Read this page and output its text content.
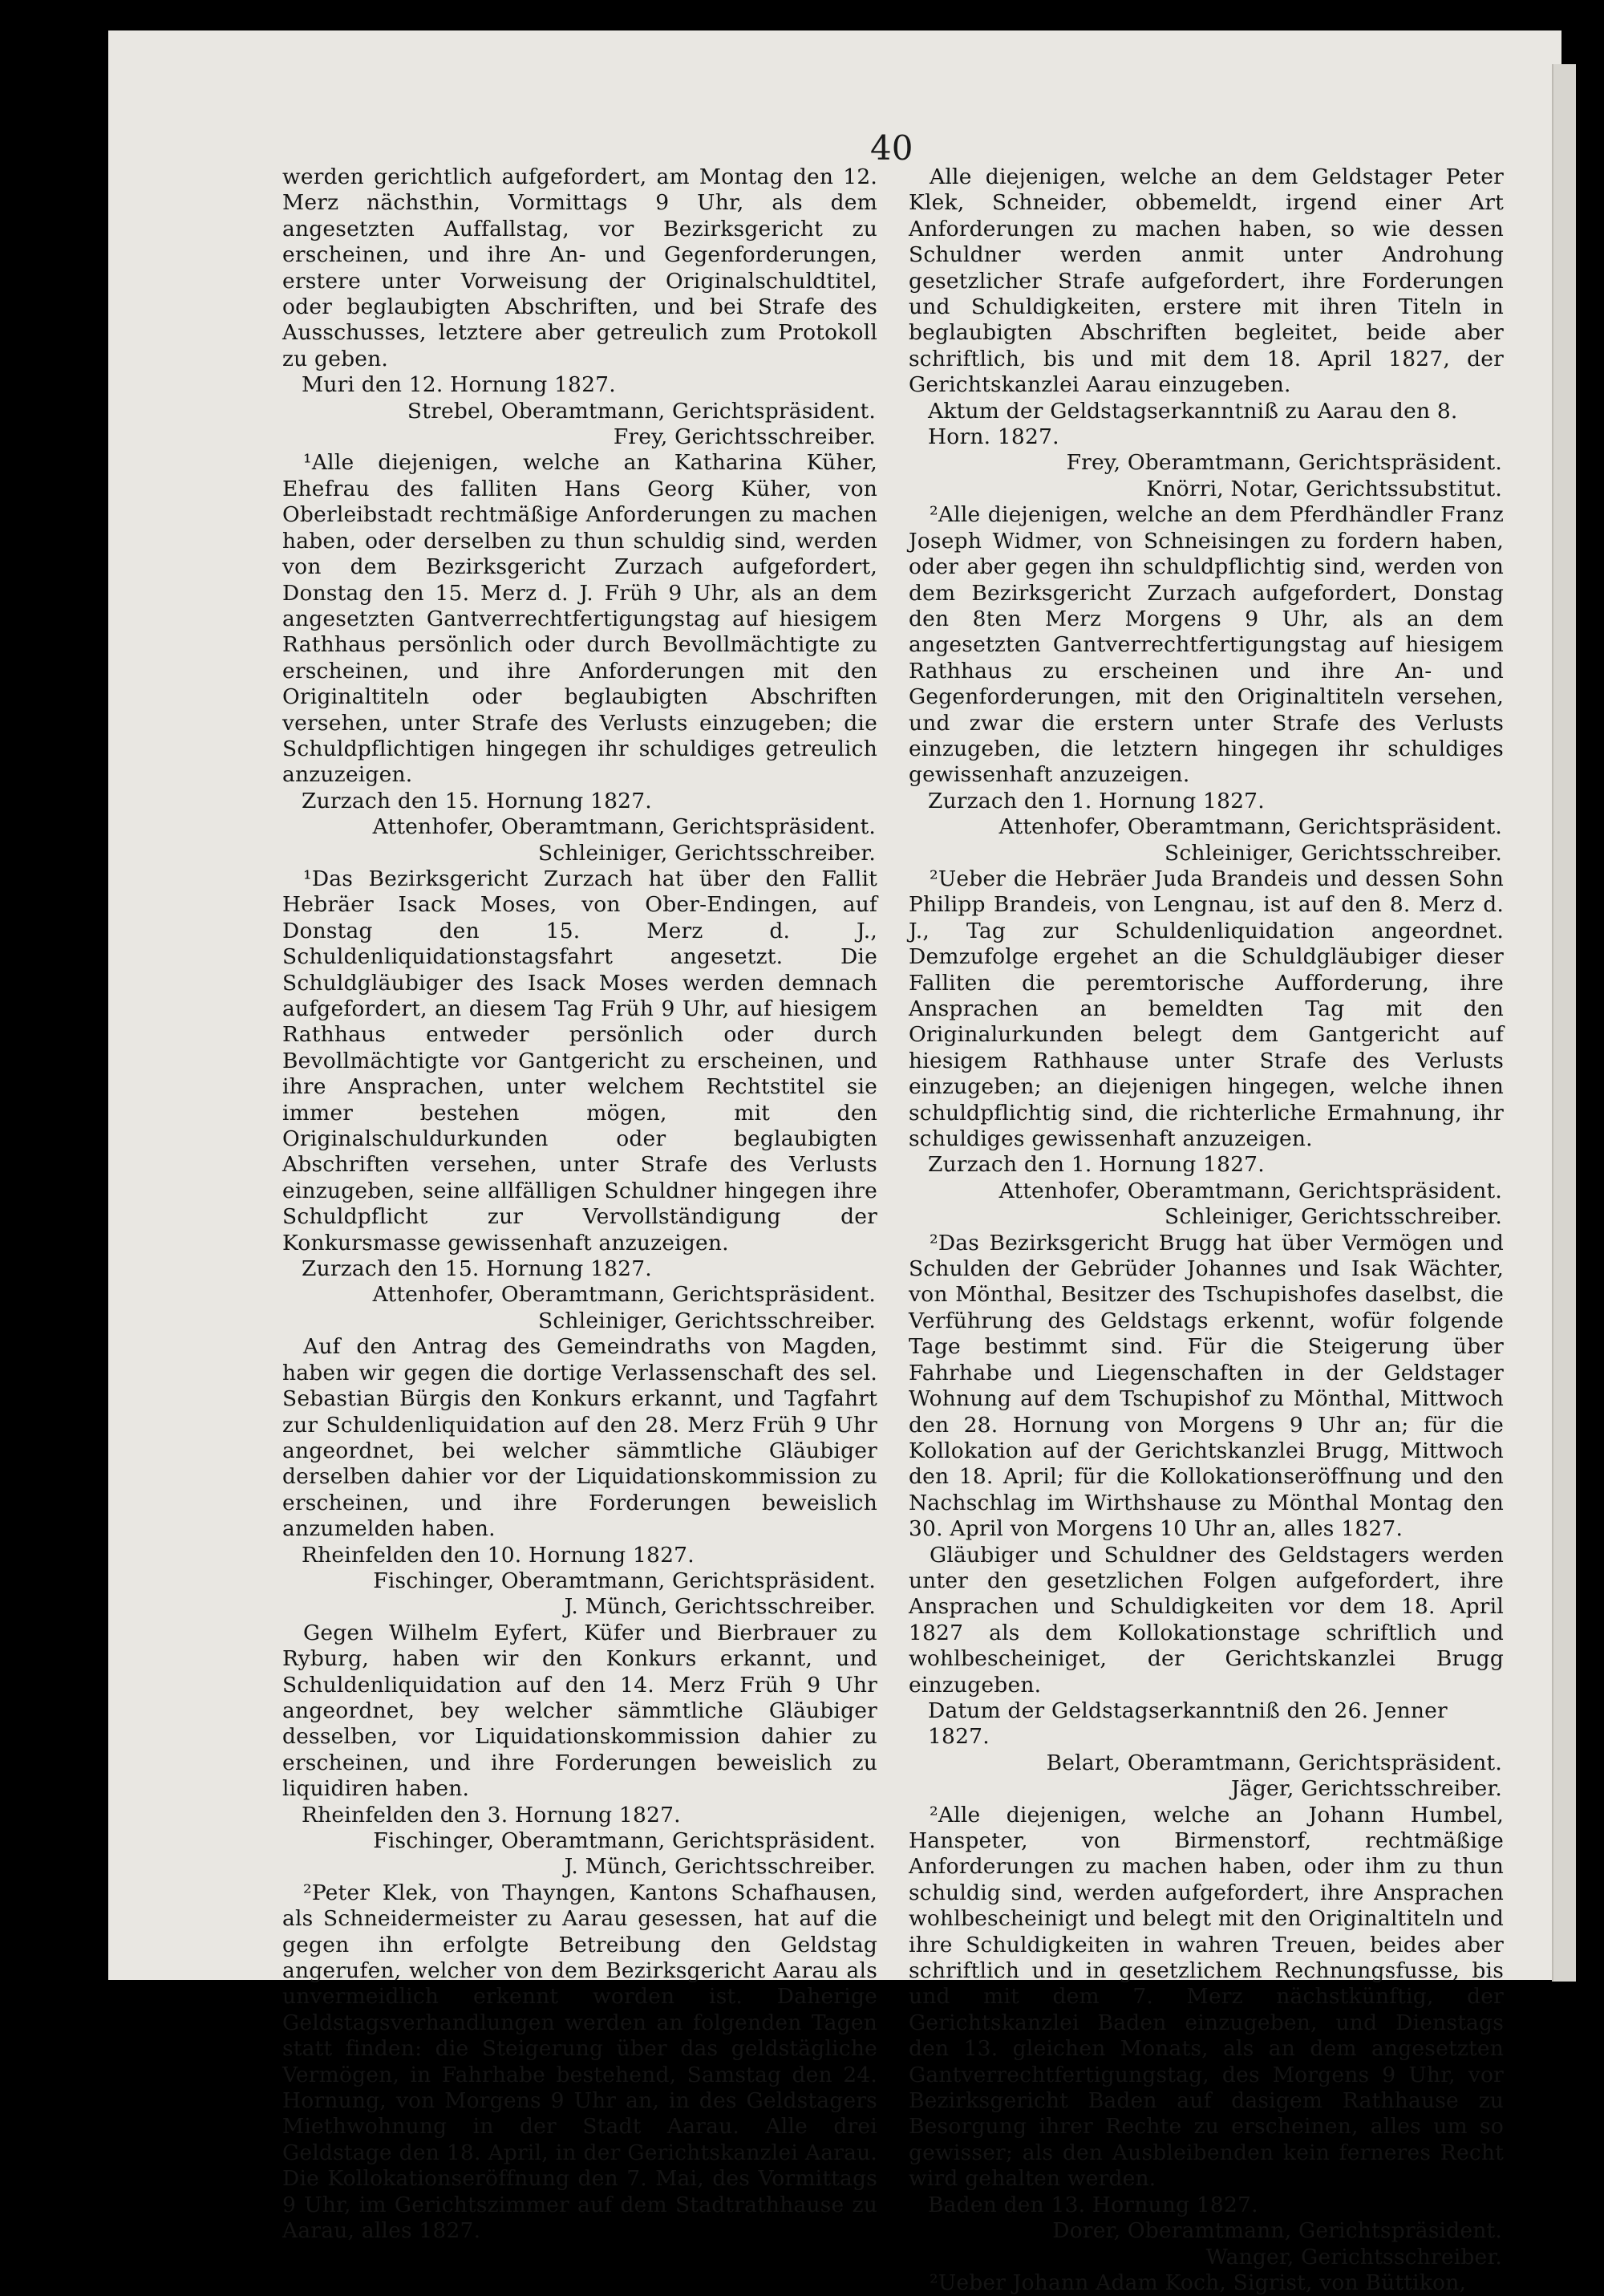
40
werden gerichtlich aufgefordert, am Montag den 12. Merz nächsthin, Vormittags 9 Uhr, als dem angesetzten Auffallstag, vor Bezirksgericht zu erscheinen, und ihre An- und Gegenforderungen, erstere unter Vorweisung der Originalschuldtitel, oder beglaubigten Abschriften, und bei Strafe des Ausschusses, letztere aber getreulich zum Protokoll zu geben.
Muri den 12. Hornung 1827.
Strebel, Oberamtmann, Gerichtspräsident.
Frey, Gerichtsschreiber.
¹Alle diejenigen, welche an Katharina Küher, Ehefrau des falliten Hans Georg Küher, von Oberleibstadt rechtmäßige Anforderungen zu machen haben, oder derselben zu thun schuldig sind, werden von dem Bezirksgericht Zurzach aufgefordert, Donstag den 15. Merz d. J. Früh 9 Uhr, als an dem angesetzten Gantverrechtfertigungstag auf hiesigem Rathhaus persönlich oder durch Bevollmächtigte zu erscheinen, und ihre Anforderungen mit den Originaltiteln oder beglaubigten Abschriften versehen, unter Strafe des Verlusts einzugeben; die Schuldpflichtigen hingegen ihr schuldiges getreulich anzuzeigen.
Zurzach den 15. Hornung 1827.
Attenhofer, Oberamtmann, Gerichtspräsident.
Schleiniger, Gerichtsschreiber.
¹Das Bezirksgericht Zurzach hat über den Fallit Hebräer Isack Moses, von Ober-Endingen, auf Donstag den 15. Merz d. J., Schuldenliquidationstagsfahrt angesetzt. Die Schuldgläubiger des Isack Moses werden demnach aufgefordert, an diesem Tag Früh 9 Uhr, auf hiesigem Rathhaus entweder persönlich oder durch Bevollmächtigte vor Gantgericht zu erscheinen, und ihre Ansprachen, unter welchem Rechtstitel sie immer bestehen mögen, mit den Originalschuldurkunden oder beglaubigten Abschriften versehen, unter Strafe des Verlusts einzugeben, seine allfälligen Schuldner hingegen ihre Schuldpflicht zur Vervollständigung der Konkursmasse gewissenhaft anzuzeigen.
Zurzach den 15. Hornung 1827.
Attenhofer, Oberamtmann, Gerichtspräsident.
Schleiniger, Gerichtsschreiber.
Auf den Antrag des Gemeindraths von Magden, haben wir gegen die dortige Verlassenschaft des sel. Sebastian Bürgis den Konkurs erkannt, und Tagfahrt zur Schuldenliquidation auf den 28. Merz Früh 9 Uhr angeordnet, bei welcher sämmtliche Gläubiger derselben dahier vor der Liquidationskommission zu erscheinen, und ihre Forderungen beweislich anzumelden haben.
Rheinfelden den 10. Hornung 1827.
Fischinger, Oberamtmann, Gerichtspräsident.
J. Münch, Gerichtsschreiber.
Gegen Wilhelm Eyfert, Küfer und Bierbrauer zu Ryburg, haben wir den Konkurs erkannt, und Schuldenliquidation auf den 14. Merz Früh 9 Uhr angeordnet, bey welcher sämmtliche Gläubiger desselben, vor Liquidationskommission dahier zu erscheinen, und ihre Forderungen beweislich zu liquidiren haben.
Rheinfelden den 3. Hornung 1827.
Fischinger, Oberamtmann, Gerichtspräsident.
J. Münch, Gerichtsschreiber.
²Peter Klek, von Thayngen, Kantons Schafhausen, als Schneidermeister zu Aarau gesessen, hat auf die gegen ihn erfolgte Betreibung den Geldstag angerufen, welcher von dem Bezirksgericht Aarau als unvermeidlich erkennt worden ist. Daherige Geldstagsverhandlungen werden an folgenden Tagen statt finden: die Steigerung über das geldstägliche Vermögen, in Fahrhabe bestehend, Samstag den 24. Hornung, von Morgens 9 Uhr an, in des Geldstagers Miethwohnung in der Stadt Aarau. Alle drei Geldstage den 18. April, in der Gerichtskanzlei Aarau. Die Kollokationseröffnung den 7. Mai, des Vormittags 9 Uhr, im Gerichtszimmer auf dem Stadtrathhause zu Aarau, alles 1827.
Alle diejenigen, welche an dem Geldstager Peter Klek, Schneider, obbemeldt, irgend einer Art Anforderungen zu machen haben, so wie dessen Schuldner werden anmit unter Androhung gesetzlicher Strafe aufgefordert, ihre Forderungen und Schuldigkeiten, erstere mit ihren Titeln in beglaubigten Abschriften begleitet, beide aber schriftlich, bis und mit dem 18. April 1827, der Gerichtskanzlei Aarau einzugeben.
Aktum der Geldstagserkanntniß zu Aarau den 8. Horn. 1827.
Frey, Oberamtmann, Gerichtspräsident.
Knörri, Notar, Gerichtssubstitut.
²Alle diejenigen, welche an dem Pferdhändler Franz Joseph Widmer, von Schneisingen zu fordern haben, oder aber gegen ihn schuldpflichtig sind, werden von dem Bezirksgericht Zurzach aufgefordert, Donstag den 8ten Merz Morgens 9 Uhr, als an dem angesetzten Gantverrechtfertigungstag auf hiesigem Rathhaus zu erscheinen und ihre An- und Gegenforderungen, mit den Originaltiteln versehen, und zwar die erstern unter Strafe des Verlusts einzugeben, die letztern hingegen ihr schuldiges gewissenhaft anzuzeigen.
Zurzach den 1. Hornung 1827.
Attenhofer, Oberamtmann, Gerichtspräsident.
Schleiniger, Gerichtsschreiber.
²Ueber die Hebräer Juda Brandeis und dessen Sohn Philipp Brandeis, von Lengnau, ist auf den 8. Merz d. J., Tag zur Schuldenliquidation angeordnet. Demzufolge ergehet an die Schuldgläubiger dieser Falliten die peremtorische Aufforderung, ihre Ansprachen an bemeldten Tag mit den Originalurkunden belegt dem Gantgericht auf hiesigem Rathhause unter Strafe des Verlusts einzugeben; an diejenigen hingegen, welche ihnen schuldpflichtig sind, die richterliche Ermahnung, ihr schuldiges gewissenhaft anzuzeigen.
Zurzach den 1. Hornung 1827.
Attenhofer, Oberamtmann, Gerichtspräsident.
Schleiniger, Gerichtsschreiber.
²Das Bezirksgericht Brugg hat über Vermögen und Schulden der Gebrüder Johannes und Isak Wächter, von Mönthal, Besitzer des Tschupishofes daselbst, die Verführung des Geldstags erkennt, wofür folgende Tage bestimmt sind. Für die Steigerung über Fahrhabe und Liegenschaften in der Geldstager Wohnung auf dem Tschupishof zu Mönthal, Mittwoch den 28. Hornung von Morgens 9 Uhr an; für die Kollokation auf der Gerichtskanzlei Brugg, Mittwoch den 18. April; für die Kollokationseröffnung und den Nachschlag im Wirthshause zu Mönthal Montag den 30. April von Morgens 10 Uhr an, alles 1827.
Gläubiger und Schuldner des Geldstagers werden unter den gesetzlichen Folgen aufgefordert, ihre Ansprachen und Schuldigkeiten vor dem 18. April 1827 als dem Kollokationstage schriftlich und wohlbescheiniget, der Gerichtskanzlei Brugg einzugeben.
Datum der Geldstagserkanntniß den 26. Jenner 1827.
Belart, Oberamtmann, Gerichtspräsident.
Jäger, Gerichtsschreiber.
²Alle diejenigen, welche an Johann Humbel, Hanspeter, von Birmenstorf, rechtmäßige Anforderungen zu machen haben, oder ihm zu thun schuldig sind, werden aufgefordert, ihre Ansprachen wohlbescheinigt und belegt mit den Originaltiteln und ihre Schuldigkeiten in wahren Treuen, beides aber schriftlich und in gesetzlichem Rechnungsfusse, bis und mit dem 7. Merz nächstkünftig, der Gerichtskanzlei Baden einzugeben, und Dienstags den 13. gleichen Monats, als an dem angesetzten Gantverrechtfertigungstag, des Morgens 9 Uhr, vor Bezirksgericht Baden auf dasigem Rathhause zu Besorgung ihrer Rechte zu erscheinen, alles um so gewisser; als den Ausbleibenden kein ferneres Recht wird gehalten werden.
Baden den 13. Hornung 1827.
Dorer, Oberamtmann, Gerichtspräsident.
Wanger, Gerichtsschreiber.
²Ueber Johann Adam Koch, Sigrist, von Büttikon,
